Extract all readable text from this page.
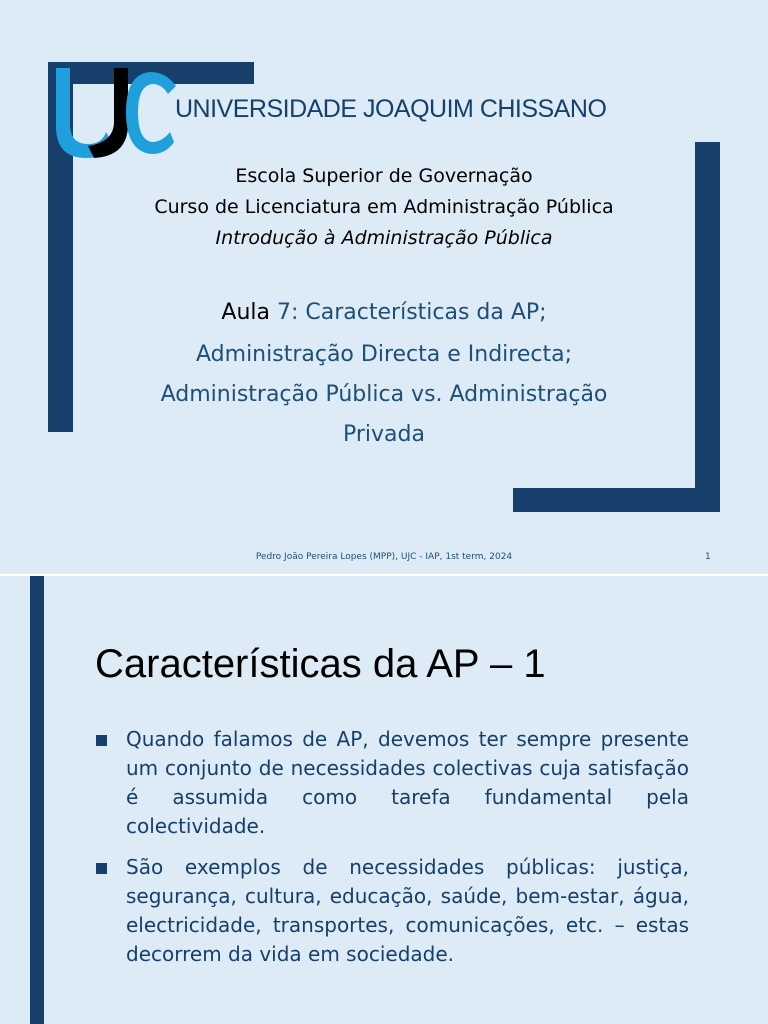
UNIVERSIDADE JOAQUIM CHISSANO
Escola Superior de Governação
Curso de Licenciatura em Administração Pública
Introdução à Administração Pública
Aula 7: Características da AP;
Administração Directa e Indirecta;
Administração Pública vs. Administração
Privada
Pedro João Pereira Lopes (MPP), UJC - IAP, 1st term, 2024	1
Características da AP – 1
Quando falamos de AP, devemos ter sempre presente um conjunto de necessidades colectivas cuja satisfação é assumida como tarefa fundamental pela colectividade.
São exemplos de necessidades públicas: justiça, segurança, cultura, educação, saúde, bem-estar, água, electricidade, transportes, comunicações, etc. – estas decorrem da vida em sociedade.
